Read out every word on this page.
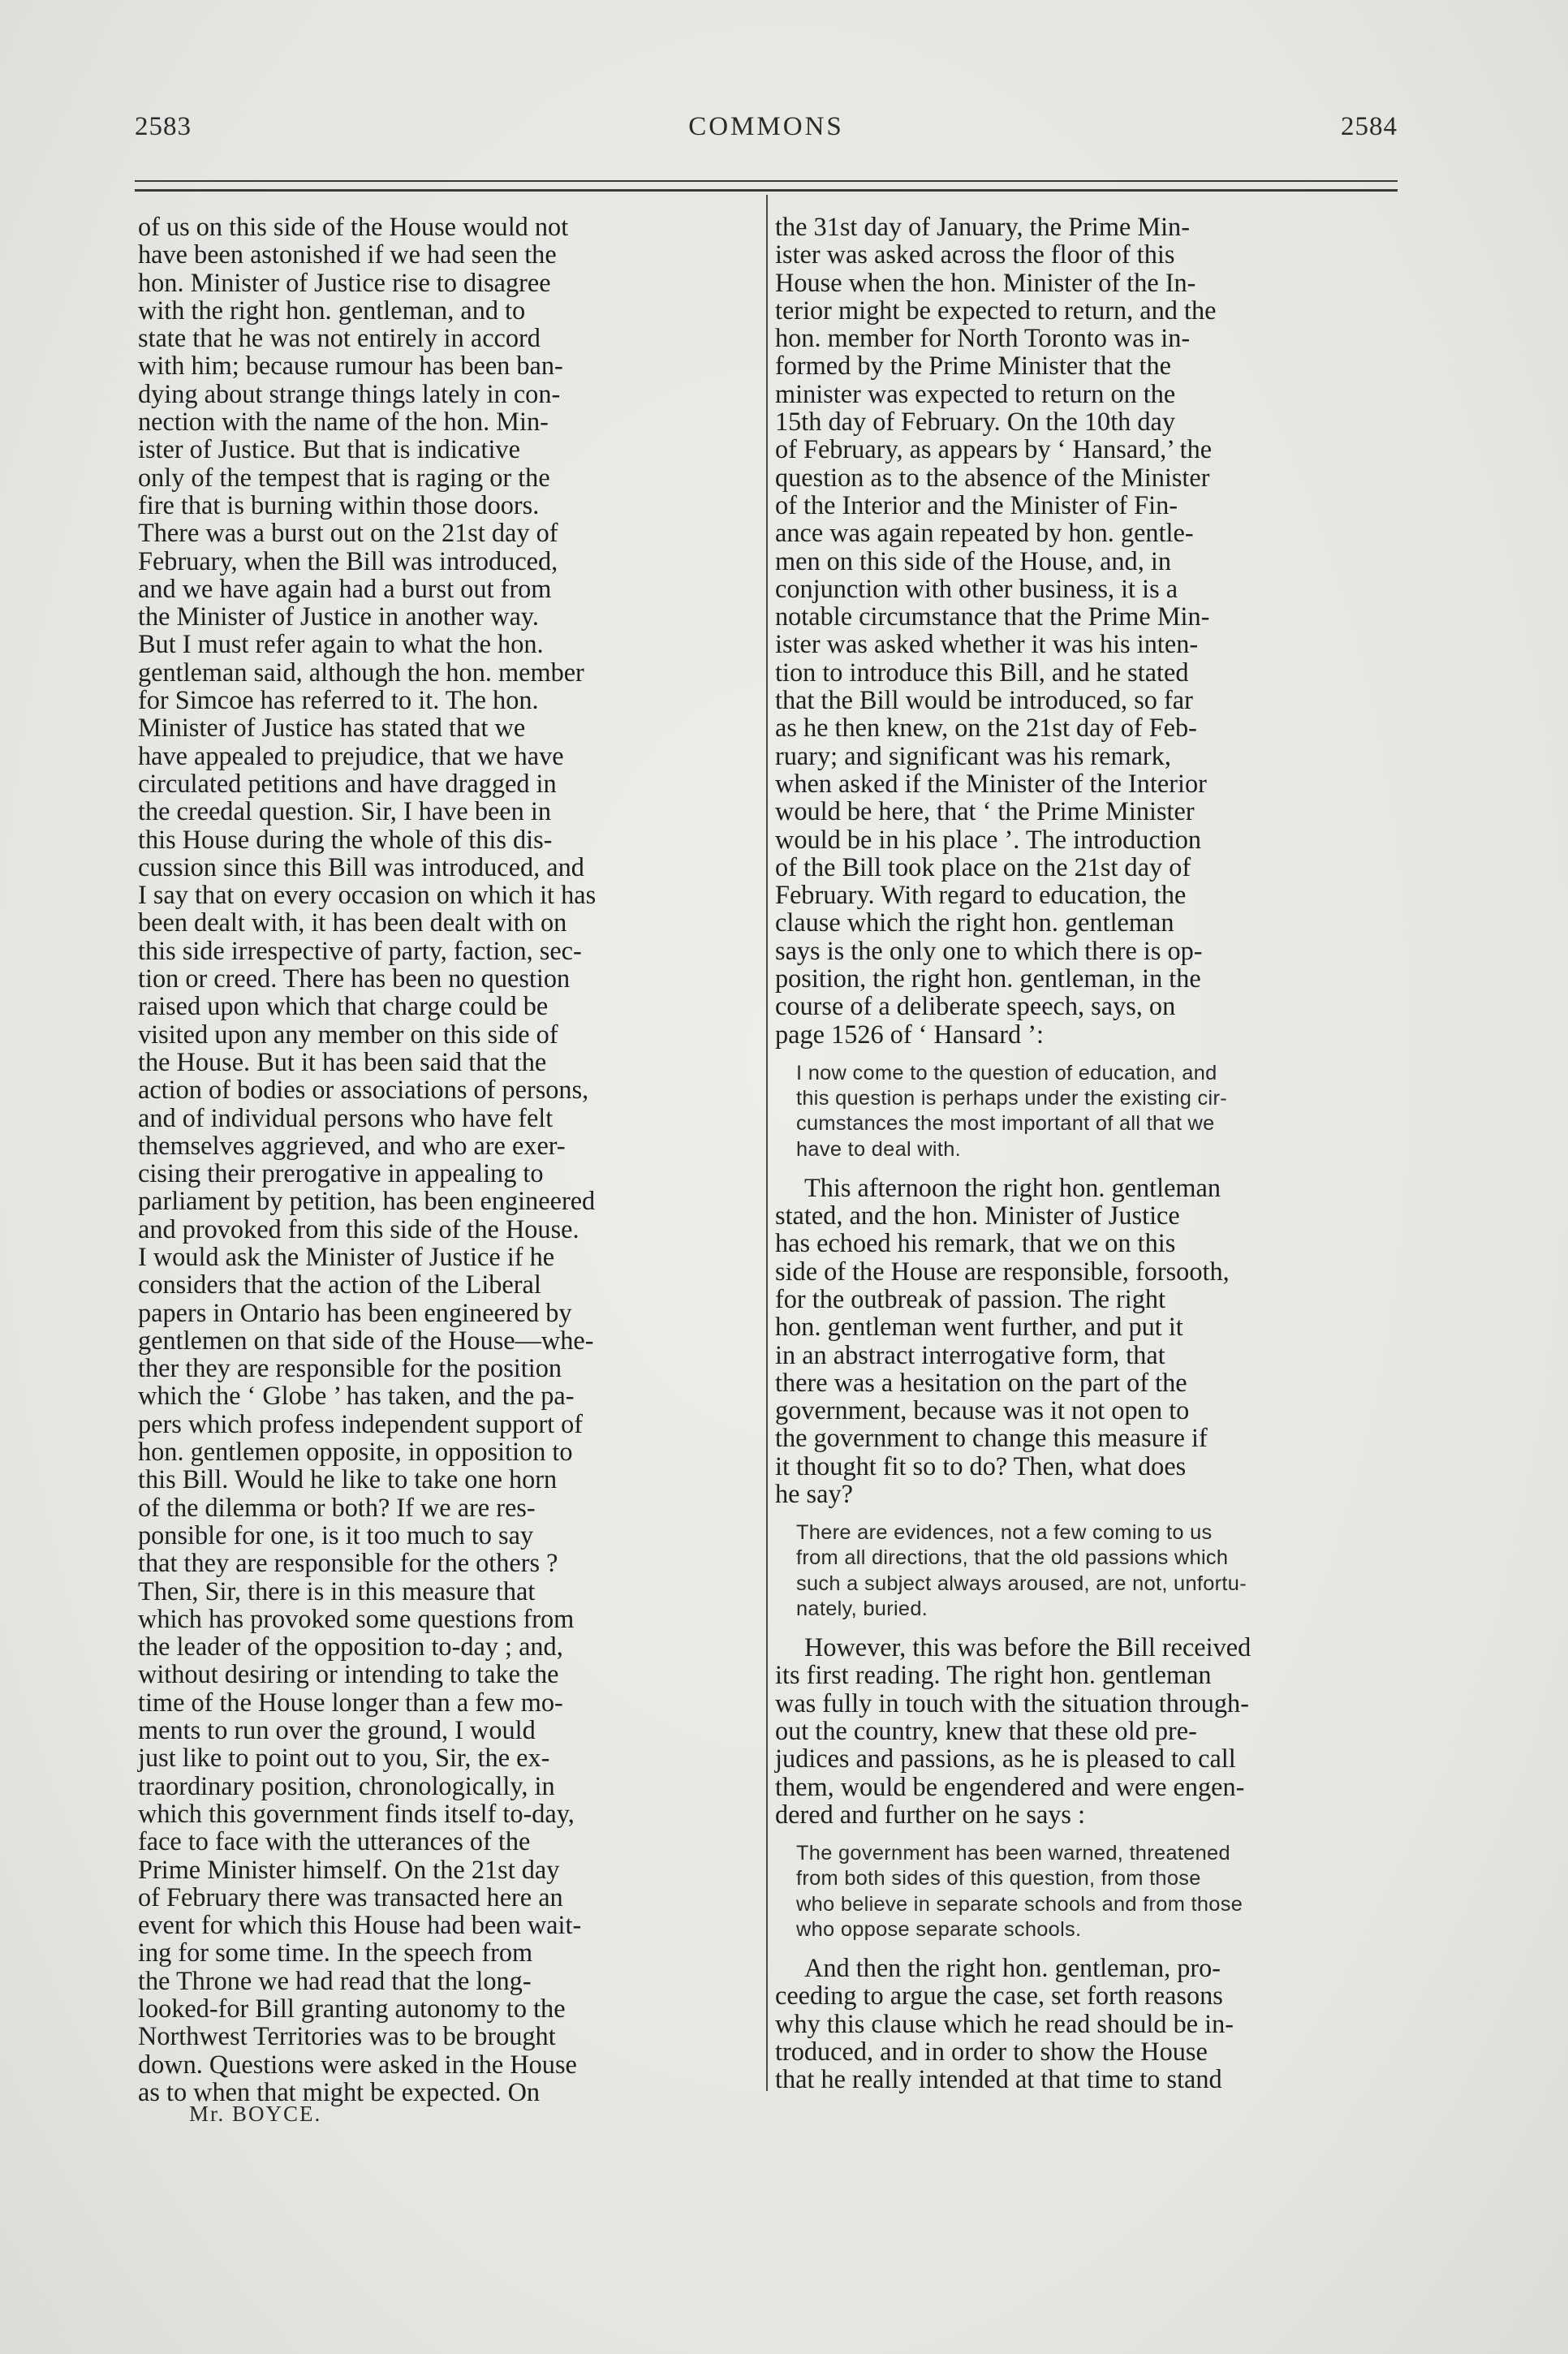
2583	COMMONS	2584

of us on this side of the House would not
have been astonished if we had seen the
hon. Minister of Justice rise to disagree
with the right hon. gentleman, and to
state that he was not entirely in accord
with him; because rumour has been ban-
dying about strange things lately in con-
nection with the name of the hon. Min-
ister of Justice. But that is indicative
only of the tempest that is raging or the
fire that is burning within those doors.
There was a burst out on the 21st day of
February, when the Bill was introduced,
and we have again had a burst out from
the Minister of Justice in another way.
But I must refer again to what the hon.
gentleman said, although the hon. member
for Simcoe has referred to it. The hon.
Minister of Justice has stated that we
have appealed to prejudice, that we have
circulated petitions and have dragged in
the creedal question. Sir, I have been in
this House during the whole of this dis-
cussion since this Bill was introduced, and
I say that on every occasion on which it has
been dealt with, it has been dealt with on
this side irrespective of party, faction, sec-
tion or creed. There has been no question
raised upon which that charge could be
visited upon any member on this side of
the House. But it has been said that the
action of bodies or associations of persons,
and of individual persons who have felt
themselves aggrieved, and who are exer-
cising their prerogative in appealing to
parliament by petition, has been engineered
and provoked from this side of the House.
I would ask the Minister of Justice if he
considers that the action of the Liberal
papers in Ontario has been engineered by
gentlemen on that side of the House—whe-
ther they are responsible for the position
which the ‘ Globe ’ has taken, and the pa-
pers which profess independent support of
hon. gentlemen opposite, in opposition to
this Bill. Would he like to take one horn
of the dilemma or both? If we are res-
ponsible for one, is it too much to say
that they are responsible for the others ?
Then, Sir, there is in this measure that
which has provoked some questions from
the leader of the opposition to-day ; and,
without desiring or intending to take the
time of the House longer than a few mo-
ments to run over the ground, I would
just like to point out to you, Sir, the ex-
traordinary position, chronologically, in
which this government finds itself to-day,
face to face with the utterances of the
Prime Minister himself. On the 21st day
of February there was transacted here an
event for which this House had been wait-
ing for some time. In the speech from
the Throne we had read that the long-
looked-for Bill granting autonomy to the
Northwest Territories was to be brought
down. Questions were asked in the House
as to when that might be expected. On

Mr. BOYCE.

the 31st day of January, the Prime Min-
ister was asked across the floor of this
House when the hon. Minister of the In-
terior might be expected to return, and the
hon. member for North Toronto was in-
formed by the Prime Minister that the
minister was expected to return on the
15th day of February. On the 10th day
of February, as appears by ‘ Hansard,’ the
question as to the absence of the Minister
of the Interior and the Minister of Fin-
ance was again repeated by hon. gentle-
men on this side of the House, and, in
conjunction with other business, it is a
notable circumstance that the Prime Min-
ister was asked whether it was his inten-
tion to introduce this Bill, and he stated
that the Bill would be introduced, so far
as he then knew, on the 21st day of Feb-
ruary; and significant was his remark,
when asked if the Minister of the Interior
would be here, that ‘ the Prime Minister
would be in his place ’. The introduction
of the Bill took place on the 21st day of
February. With regard to education, the
clause which the right hon. gentleman
says is the only one to which there is op-
position, the right hon. gentleman, in the
course of a deliberate speech, says, on
page 1526 of ‘ Hansard ’:

I now come to the question of education, and
this question is perhaps under the existing cir-
cumstances the most important of all that we
have to deal with.

This afternoon the right hon. gentleman
stated, and the hon. Minister of Justice
has echoed his remark, that we on this
side of the House are responsible, forsooth,
for the outbreak of passion. The right
hon. gentleman went further, and put it
in an abstract interrogative form, that
there was a hesitation on the part of the
government, because was it not open to
the government to change this measure if
it thought fit so to do? Then, what does
he say?

There are evidences, not a few coming to us
from all directions, that the old passions which
such a subject always aroused, are not, unfortu-
nately, buried.

However, this was before the Bill received
its first reading. The right hon. gentleman
was fully in touch with the situation through-
out the country, knew that these old pre-
judices and passions, as he is pleased to call
them, would be engendered and were engen-
dered and further on he says :

The government has been warned, threatened
from both sides of this question, from those
who believe in separate schools and from those
who oppose separate schools.

And then the right hon. gentleman, pro-
ceeding to argue the case, set forth reasons
why this clause which he read should be in-
troduced, and in order to show the House
that he really intended at that time to stand
